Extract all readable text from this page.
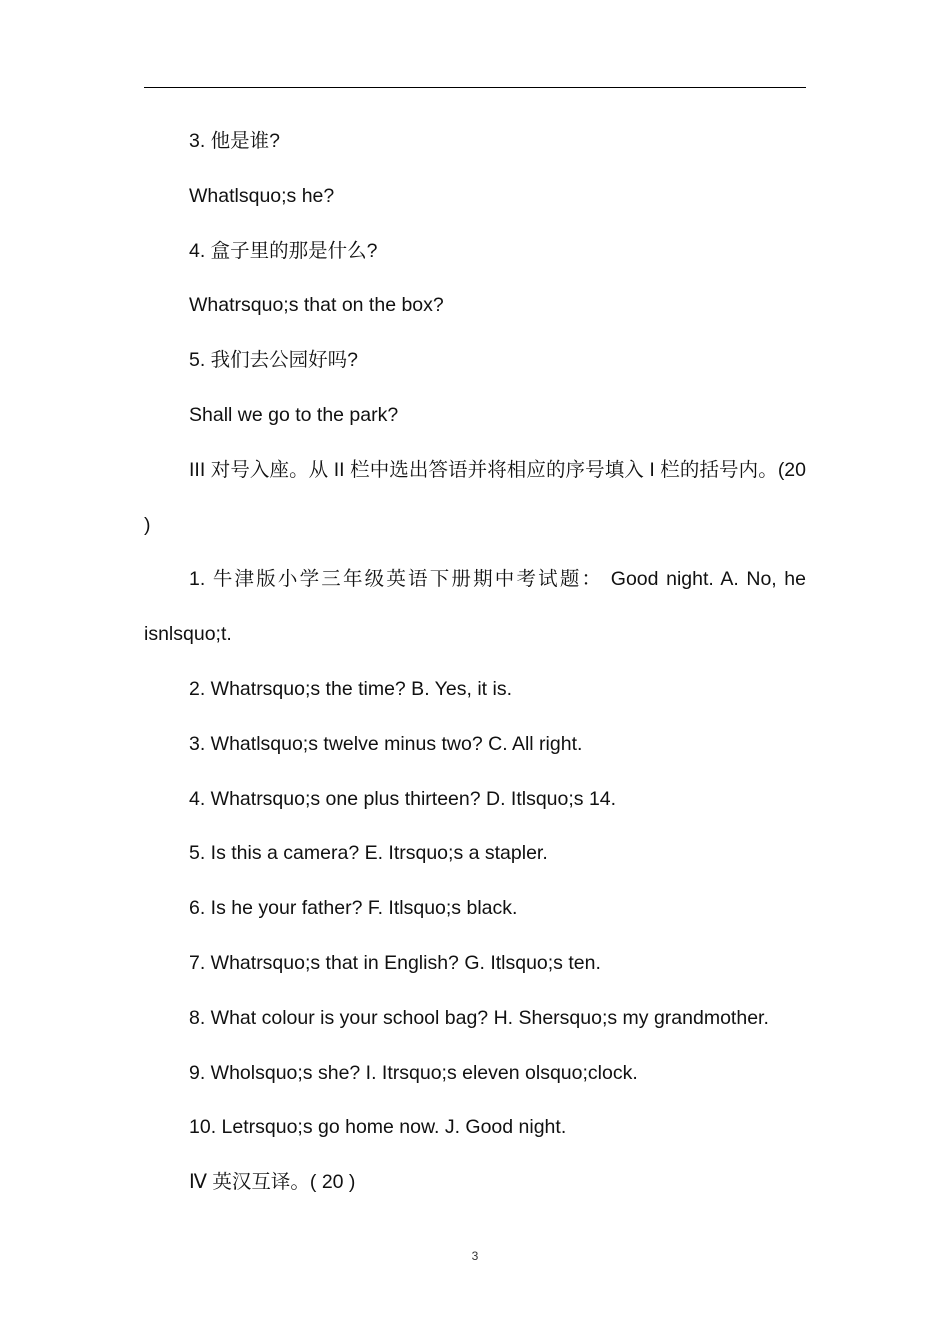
3. 他是谁?

Whatlsquo;s he?

4. 盒子里的那是什么?

Whatrsquo;s that on the box?

5. 我们去公园好吗?

Shall we go to the park?

III 对号入座。从 II 栏中选出答语并将相应的序号填入 I 栏的括号内。(20 )

1. 牛津版小学三年级英语下册期中考试题： Good night. A. No, he isnlsquo;t.

2. Whatrsquo;s the time? B. Yes, it is.

3. Whatlsquo;s twelve minus two? C. All right.

4. Whatrsquo;s one plus thirteen? D. Itlsquo;s 14.

5. Is this a camera? E. Itrsquo;s a stapler.

6. Is he your father? F. Itlsquo;s black.

7. Whatrsquo;s that in English? G. Itlsquo;s ten.

8. What colour is your school bag? H. Shersquo;s my grandmother.

9. Wholsquo;s she? I. Itrsquo;s eleven olsquo;clock.

10. Letrsquo;s go home now. J. Good night.

Ⅳ 英汉互译。( 20 )

3
